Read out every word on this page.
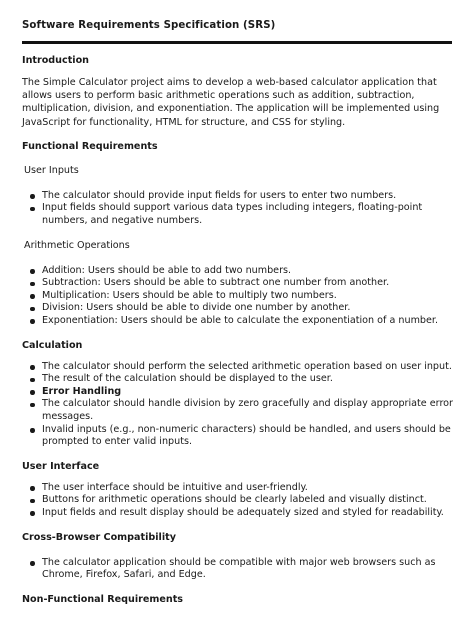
Software Requirements Specification (SRS)
Introduction

The Simple Calculator project aims to develop a web-based calculator application that allows users to perform basic arithmetic operations such as addition, subtraction, multiplication, division, and exponentiation. The application will be implemented using JavaScript for functionality, HTML for structure, and CSS for styling.

Functional Requirements
User Inputs
The calculator should provide input fields for users to enter two numbers.
Input fields should support various data types including integers, floating-point numbers, and negative numbers.
Arithmetic Operations
Addition: Users should be able to add two numbers.
Subtraction: Users should be able to subtract one number from another.
Multiplication: Users should be able to multiply two numbers.
Division: Users should be able to divide one number by another.
Exponentiation: Users should be able to calculate the exponentiation of a number.
Calculation
The calculator should perform the selected arithmetic operation based on user input.
The result of the calculation should be displayed to the user.
Error Handling
The calculator should handle division by zero gracefully and display appropriate error messages.
Invalid inputs (e.g., non-numeric characters) should be handled, and users should be prompted to enter valid inputs.
User Interface
The user interface should be intuitive and user-friendly.
Buttons for arithmetic operations should be clearly labeled and visually distinct.
Input fields and result display should be adequately sized and styled for readability.
Cross-Browser Compatibility
The calculator application should be compatible with major web browsers such as Chrome, Firefox, Safari, and Edge.
Non-Functional Requirements
